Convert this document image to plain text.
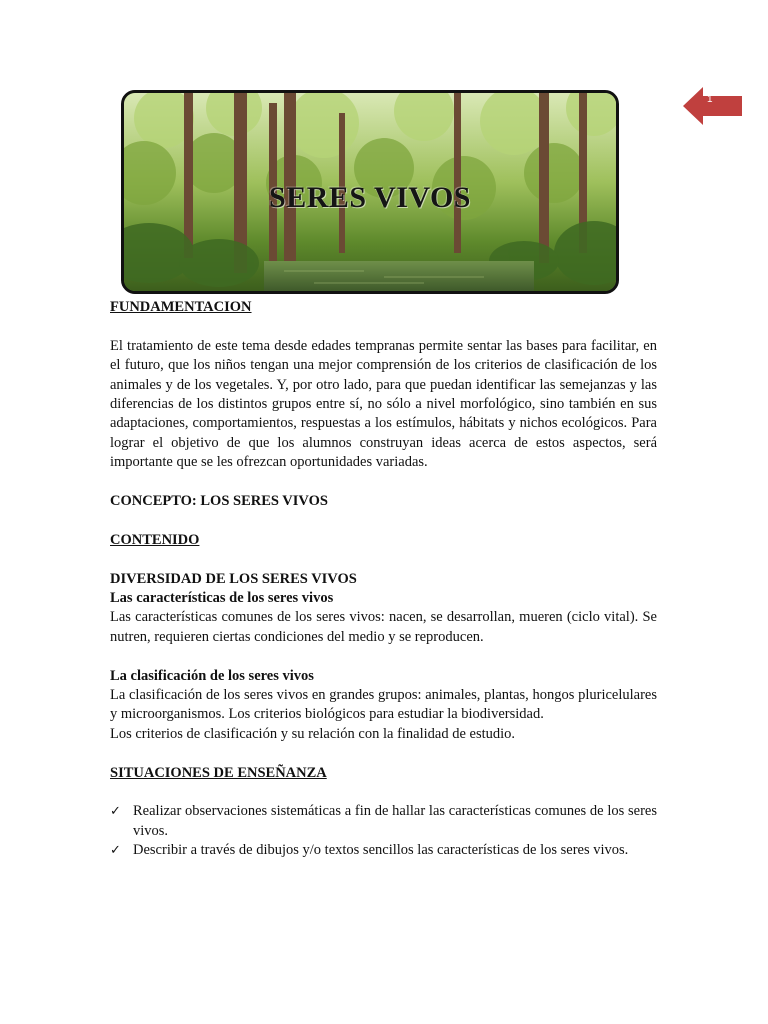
SERES VIVOS
1

FUNDAMENTACION

El tratamiento de este tema desde edades tempranas permite sentar las bases para facilitar, en el futuro, que los niños tengan una mejor comprensión de los criterios de clasificación de los animales y de los vegetales. Y, por otro lado, para que puedan identificar las semejanzas y las diferencias de los distintos grupos entre sí, no sólo a nivel morfológico, sino también en sus adaptaciones, comportamientos, respuestas a los estímulos, hábitats y nichos ecológicos. Para lograr el objetivo de que los alumnos construyan ideas acerca de estos aspectos, será importante que se les ofrezcan oportunidades variadas.

CONCEPTO: LOS SERES VIVOS

CONTENIDO

DIVERSIDAD DE LOS SERES VIVOS

Las características de los seres vivos

Las características comunes de los seres vivos: nacen, se desarrollan, mueren (ciclo vital). Se nutren, requieren ciertas condiciones del medio y se reproducen.

La clasificación de los seres vivos

La clasificación de los seres vivos en grandes grupos: animales, plantas, hongos pluricelulares y microorganismos. Los criterios biológicos para estudiar la biodiversidad.

Los criterios de clasificación y su relación con la finalidad de estudio.

SITUACIONES DE ENSEÑANZA

✓ Realizar observaciones sistemáticas a fin de hallar las características comunes de los seres vivos.
✓ Describir a través de dibujos y/o textos sencillos las características de los seres vivos.
